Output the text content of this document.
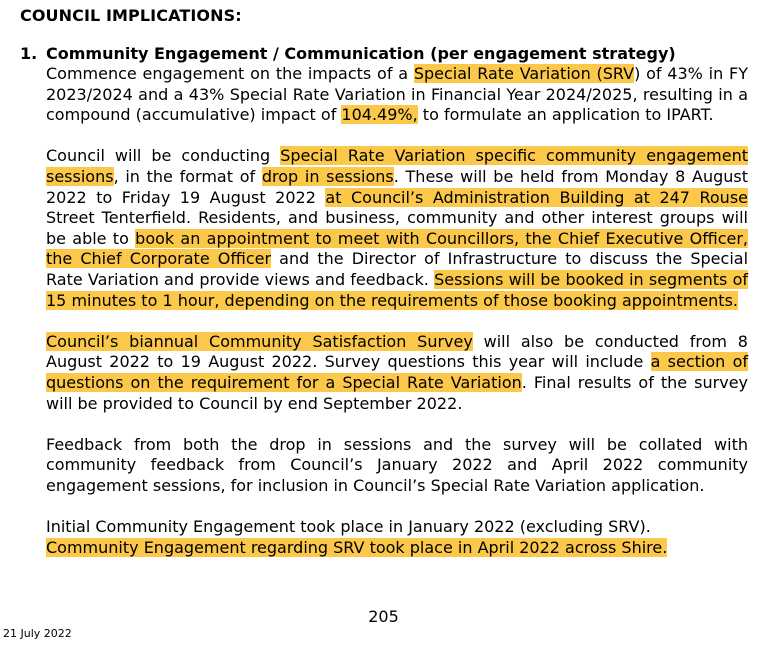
COUNCIL IMPLICATIONS:
1. Community Engagement / Communication (per engagement strategy)

Commence engagement on the impacts of a Special Rate Variation (SRV) of 43% in FY 2023/2024 and a 43% Special Rate Variation in Financial Year 2024/2025, resulting in a compound (accumulative) impact of 104.49%, to formulate an application to IPART.

Council will be conducting Special Rate Variation specific community engagement sessions, in the format of drop in sessions. These will be held from Monday 8 August 2022 to Friday 19 August 2022 at Council’s Administration Building at 247 Rouse Street Tenterfield. Residents, and business, community and other interest groups will be able to book an appointment to meet with Councillors, the Chief Executive Officer, the Chief Corporate Officer and the Director of Infrastructure to discuss the Special Rate Variation and provide views and feedback. Sessions will be booked in segments of 15 minutes to 1 hour, depending on the requirements of those booking appointments.

Council’s biannual Community Satisfaction Survey will also be conducted from 8 August 2022 to 19 August 2022. Survey questions this year will include a section of questions on the requirement for a Special Rate Variation. Final results of the survey will be provided to Council by end September 2022.

Feedback from both the drop in sessions and the survey will be collated with community feedback from Council’s January 2022 and April 2022 community engagement sessions, for inclusion in Council’s Special Rate Variation application.

Initial Community Engagement took place in January 2022 (excluding SRV).
Community Engagement regarding SRV took place in April 2022 across Shire.

205

21 July 2022
